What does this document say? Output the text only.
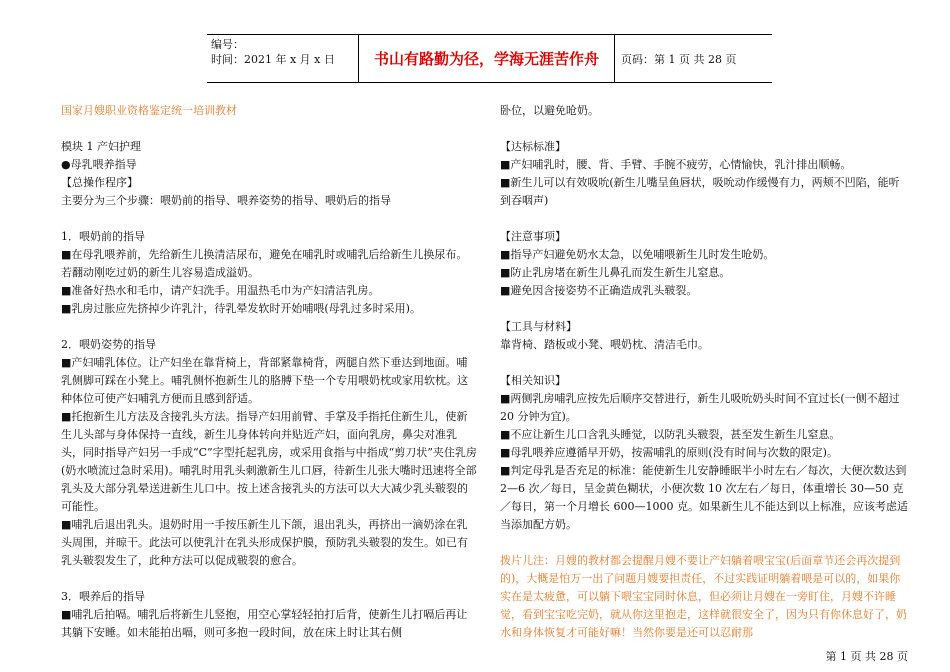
编号：
时间：2021 年 x 月 x 日	书山有路勤为径，学海无涯苦作舟	页码：第 1 页 共 28 页

国家月嫂职业资格鉴定统一培训教材

模块 1 产妇护理

●母乳喂养指导

【总操作程序】

主要分为三个步骤：喂奶前的指导、喂养姿势的指导、喂奶后的指导

1．喂奶前的指导

■在母乳喂养前，先给新生儿换清洁尿布，避免在哺乳时或哺乳后给新生儿换尿布。若翻动刚吃过奶的新生儿容易造成溢奶。

■准备好热水和毛巾，请产妇洗手。用温热毛巾为产妇清洁乳房。

■乳房过胀应先挤掉少许乳汁，待乳晕发软时开始哺喂(母乳过多时采用)。

2．喂奶姿势的指导

■产妇哺乳体位。让产妇坐在靠背椅上，背部紧靠椅背，两腿自然下垂达到地面。哺乳侧脚可踩在小凳上。哺乳侧怀抱新生儿的胳膊下垫一个专用喂奶枕或家用软枕。这种体位可使产妇哺乳方便而且感到舒适。

■托抱新生儿方法及含接乳头方法。指导产妇用前臂、手掌及手指托住新生儿，使新生儿头部与身体保持一直线，新生儿身体转向并贴近产妇，面向乳房，鼻尖对准乳头，同时指导产妇另一手成“C”字型托起乳房，或采用食指与中指成“剪刀状”夹住乳房(奶水喷流过急时采用)。哺乳时用乳头刺激新生儿口唇，待新生儿张大嘴时迅速将全部乳头及大部分乳晕送进新生儿口中。按上述含接乳头的方法可以大大减少乳头皲裂的可能性。

■哺乳后退出乳头。退奶时用一手按压新生儿下颌，退出乳头，再挤出一滴奶涂在乳头周围，并晾干。此法可以使乳汁在乳头形成保护膜，预防乳头皲裂的发生。如已有乳头皲裂发生了，此种方法可以促成皲裂的愈合。

3．喂养后的指导

■哺乳后拍嗝。哺乳后将新生儿竖抱，用空心掌轻轻拍打后背，使新生儿打嗝后再让其躺下安睡。如未能拍出嗝，则可多抱一段时间，放在床上时让其右侧

卧位，以避免呛奶。

【达标标准】

■产妇哺乳时，腰、背、手臂、手腕不疲劳，心情愉快，乳汁排出顺畅。

■新生儿可以有效吸吮(新生儿嘴呈鱼唇状，吸吮动作缓慢有力，两颊不凹陷，能听到吞咽声)

【注意事项】

■指导产妇避免奶水太急，以免哺喂新生儿时发生呛奶。

■防止乳房堵在新生儿鼻孔而发生新生儿窒息。

■避免因含接姿势不正确造成乳头皲裂。

【工具与材料】

靠背椅、踏板或小凳、喂奶枕、清洁毛巾。

【相关知识】

■两侧乳房哺乳应按先后顺序交替进行，新生儿吸吮奶头时间不宜过长(一侧不超过 20 分钟为宜)。

■不应让新生儿口含乳头睡觉，以防乳头皲裂，甚至发生新生儿窒息。

■母乳喂养应遵循早开奶，按需哺乳的原则(没有时间与次数的限定)。

■判定母乳是否充足的标准：能使新生儿安静睡眠半小时左右／每次，大便次数达到 2—6 次／每日，呈金黄色糊状，小便次数 10 次左右／每日，体重增长 30—50 克／每日，第一个月增长 600—1000 克。如果新生儿不能达到以上标准，应该考虑适当添加配方奶。

拨片儿注：月嫂的教材都会提醒月嫂不要让产妇躺着喂宝宝(后面章节还会再次提到的)，大概是怕万一出了问题月嫂要担责任，不过实践证明躺着喂是可以的，如果你实在是太疲惫，可以躺下喂宝宝同时休息，但必须让月嫂在一旁盯住，月嫂不许睡觉，看到宝宝吃完奶，就从你这里抱走，这样就很安全了，因为只有你休息好了，奶水和身体恢复才可能好嘛！当然你要是还可以忍耐那

第 1 页 共 28 页
